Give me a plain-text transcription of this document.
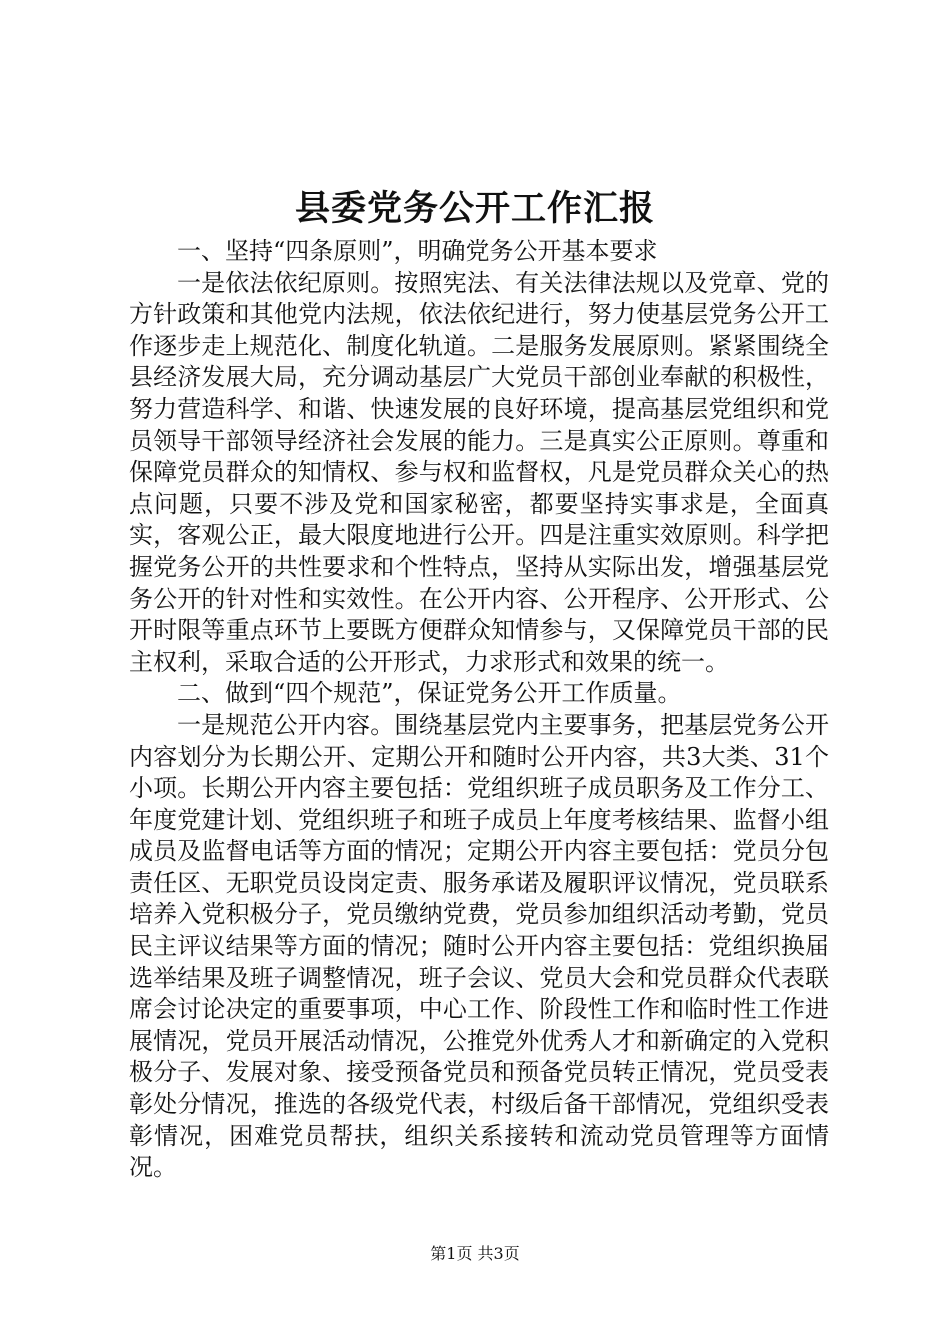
县委党务公开工作汇报

一、坚持“四条原则”，明确党务公开基本要求

一是依法依纪原则。按照宪法、有关法律法规以及党章、党的方针政策和其他党内法规，依法依纪进行，努力使基层党务公开工作逐步走上规范化、制度化轨道。二是服务发展原则。紧紧围绕全县经济发展大局，充分调动基层广大党员干部创业奉献的积极性，努力营造科学、和谐、快速发展的良好环境，提高基层党组织和党员领导干部领导经济社会发展的能力。三是真实公正原则。尊重和保障党员群众的知情权、参与权和监督权，凡是党员群众关心的热点问题，只要不涉及党和国家秘密，都要坚持实事求是，全面真实，客观公正，最大限度地进行公开。四是注重实效原则。科学把握党务公开的共性要求和个性特点，坚持从实际出发，增强基层党务公开的针对性和实效性。在公开内容、公开程序、公开形式、公开时限等重点环节上要既方便群众知情参与，又保障党员干部的民主权利，采取合适的公开形式，力求形式和效果的统一。

二、做到“四个规范”，保证党务公开工作质量。

一是规范公开内容。围绕基层党内主要事务，把基层党务公开内容划分为长期公开、定期公开和随时公开内容，共3大类、31个小项。长期公开内容主要包括：党组织班子成员职务及工作分工、年度党建计划、党组织班子和班子成员上年度考核结果、监督小组成员及监督电话等方面的情况；定期公开内容主要包括：党员分包责任区、无职党员设岗定责、服务承诺及履职评议情况，党员联系培养入党积极分子，党员缴纳党费，党员参加组织活动考勤，党员民主评议结果等方面的情况；随时公开内容主要包括：党组织换届选举结果及班子调整情况，班子会议、党员大会和党员群众代表联席会讨论决定的重要事项，中心工作、阶段性工作和临时性工作进展情况，党员开展活动情况，公推党外优秀人才和新确定的入党积极分子、发展对象、接受预备党员和预备党员转正情况，党员受表彰处分情况，推选的各级党代表，村级后备干部情况，党组织受表彰情况，困难党员帮扶，组织关系接转和流动党员管理等方面情况。

第1页 共3页
